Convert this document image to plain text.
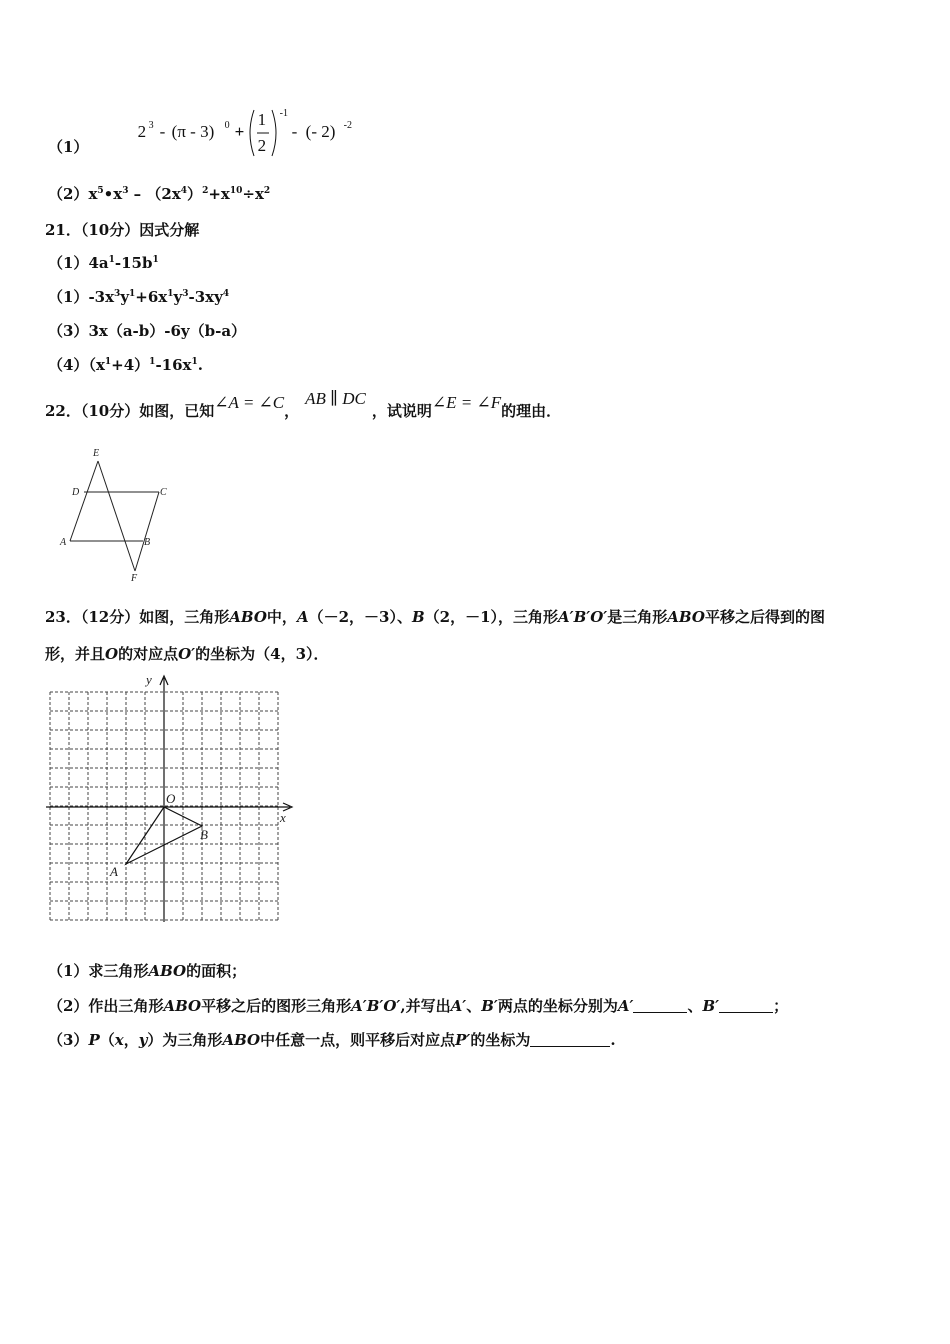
（1）
2 3 - (π - 3) 0 +
1
2
-1
- (- 2) -2
$(2)x^5•x^3 - (2x^4)^2+x^{10}\div x^2$
21．（10分）因式分解
$(1)4a^1-15b^1$
$(1)-3x^3y^1+6x^1y^3-3xy^4$
（3）3x（a-b）-6y（b-a）
$(4)(x^1+4)^1-16x^1$.
22．（10分）如图，已知∠A = ∠C，AB ∥ DC，试说明∠E = ∠F的理由．
E
D	C
A	B
F
23．（12分）如图，三角形ABO中，A（－2，－3）、B（2，－1），三角形A′B′O′是三角形ABO平移之后得到的图
形，并且O的对应点O′的坐标为（4，3）．
y
x
O
A
B
（1）求三角形ABO的面积；
（2）作出三角形ABO平移之后的图形三角形A′B′O′,并写出A′、B′两点的坐标分别为A′	、B′	；
（3）P（x，y）为三角形ABO中任意一点，则平移后对应点P′的坐标为	.
